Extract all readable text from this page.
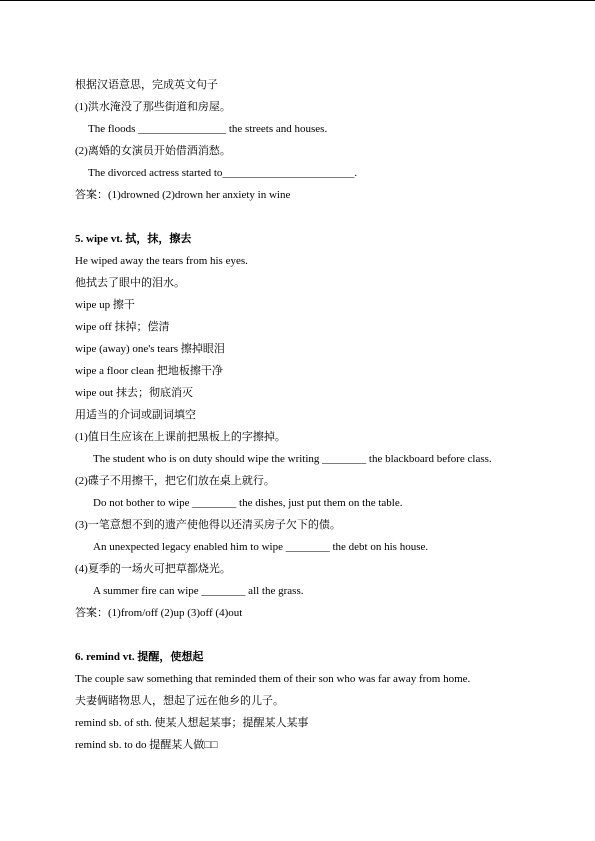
根据汉语意思，完成英文句子
(1)洪水淹没了那些街道和房屋。
The floods ________________ the streets and houses.
(2)离婚的女演员开始借酒消愁。
The divorced actress started to________________________.
答案：(1)drowned (2)drown her anxiety in wine
5. wipe vt. 拭，抹，擦去
He wiped away the tears from his eyes.
他拭去了眼中的泪水。
wipe up 擦干
wipe off 抹掉；偿清
wipe (away) one's tears 擦掉眼泪
wipe a floor clean 把地板擦干净
wipe out 抹去；彻底消灭
用适当的介词或副词填空
(1)值日生应该在上课前把黑板上的字擦掉。
The student who is on duty should wipe the writing ________ the blackboard before class.
(2)碟子不用擦干，把它们放在桌上就行。
Do not bother to wipe ________ the dishes, just put them on the table.
(3)一笔意想不到的遗产使他得以还清买房子欠下的债。
An unexpected legacy enabled him to wipe ________ the debt on his house.
(4)夏季的一场火可把草都烧光。
A summer fire can wipe ________ all the grass.
答案：(1)from/off (2)up (3)off (4)out
6. remind vt. 提醒，使想起
The couple saw something that reminded them of their son who was far away from home.
夫妻俩睹物思人，想起了远在他乡的儿子。
remind sb. of sth. 使某人想起某事；提醒某人某事
remind sb. to do 提醒某人做□□
